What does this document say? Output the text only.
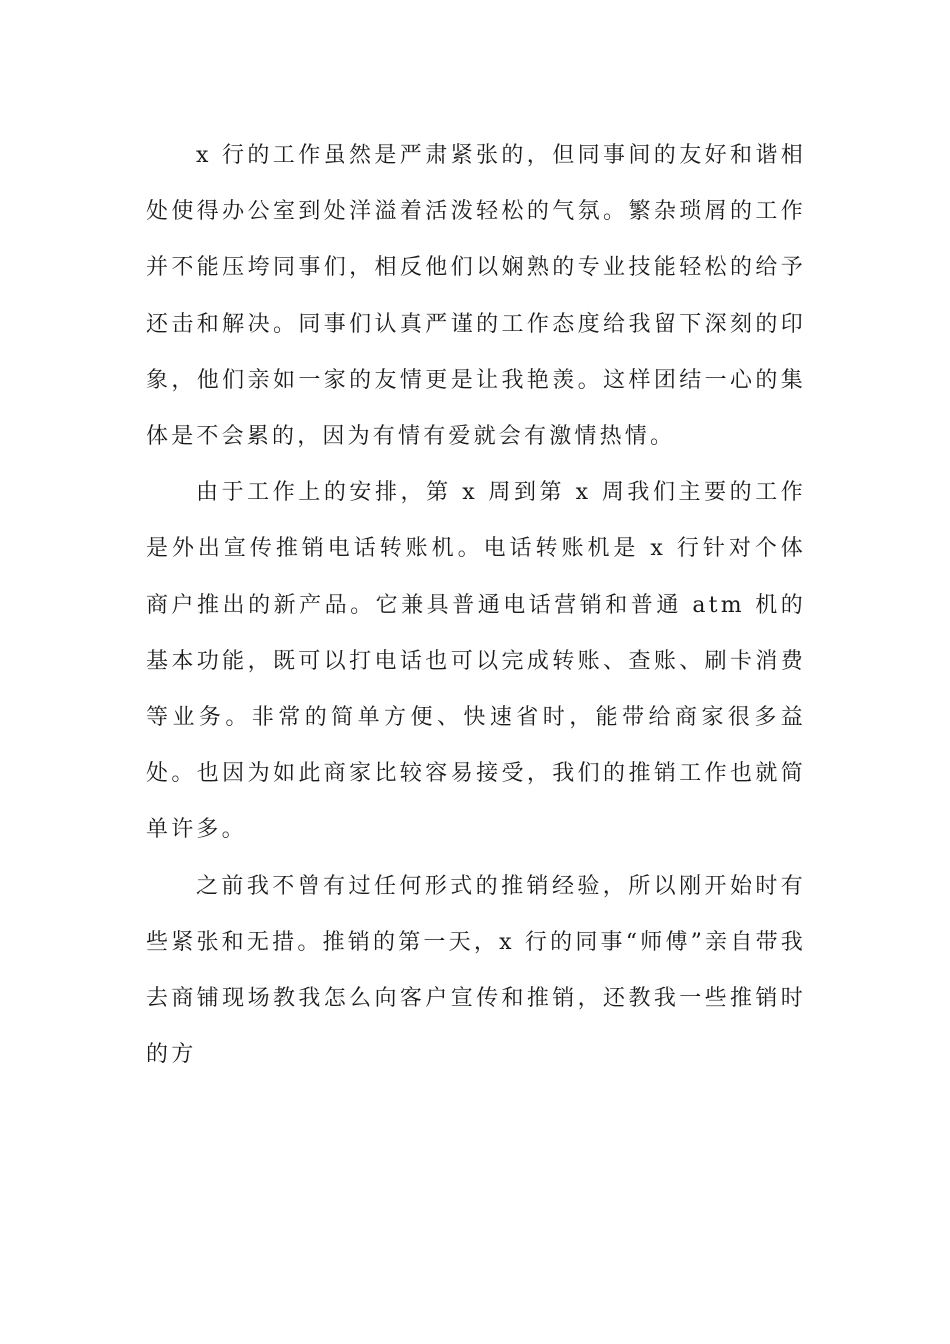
x 行的工作虽然是严肃紧张的，但同事间的友好和谐相处使得办公室到处洋溢着活泼轻松的气氛。繁杂琐屑的工作并不能压垮同事们，相反他们以娴熟的专业技能轻松的给予还击和解决。同事们认真严谨的工作态度给我留下深刻的印象，他们亲如一家的友情更是让我艳羡。这样团结一心的集体是不会累的，因为有情有爱就会有激情热情。

由于工作上的安排，第 x 周到第 x 周我们主要的工作是外出宣传推销电话转账机。电话转账机是 x 行针对个体商户推出的新产品。它兼具普通电话营销和普通 atm 机的基本功能，既可以打电话也可以完成转账、查账、刷卡消费等业务。非常的简单方便、快速省时，能带给商家很多益处。也因为如此商家比较容易接受，我们的推销工作也就简单许多。

之前我不曾有过任何形式的推销经验，所以刚开始时有些紧张和无措。推销的第一天，x 行的同事“师傅”亲自带我去商铺现场教我怎么向客户宣传和推销，还教我一些推销时的方
